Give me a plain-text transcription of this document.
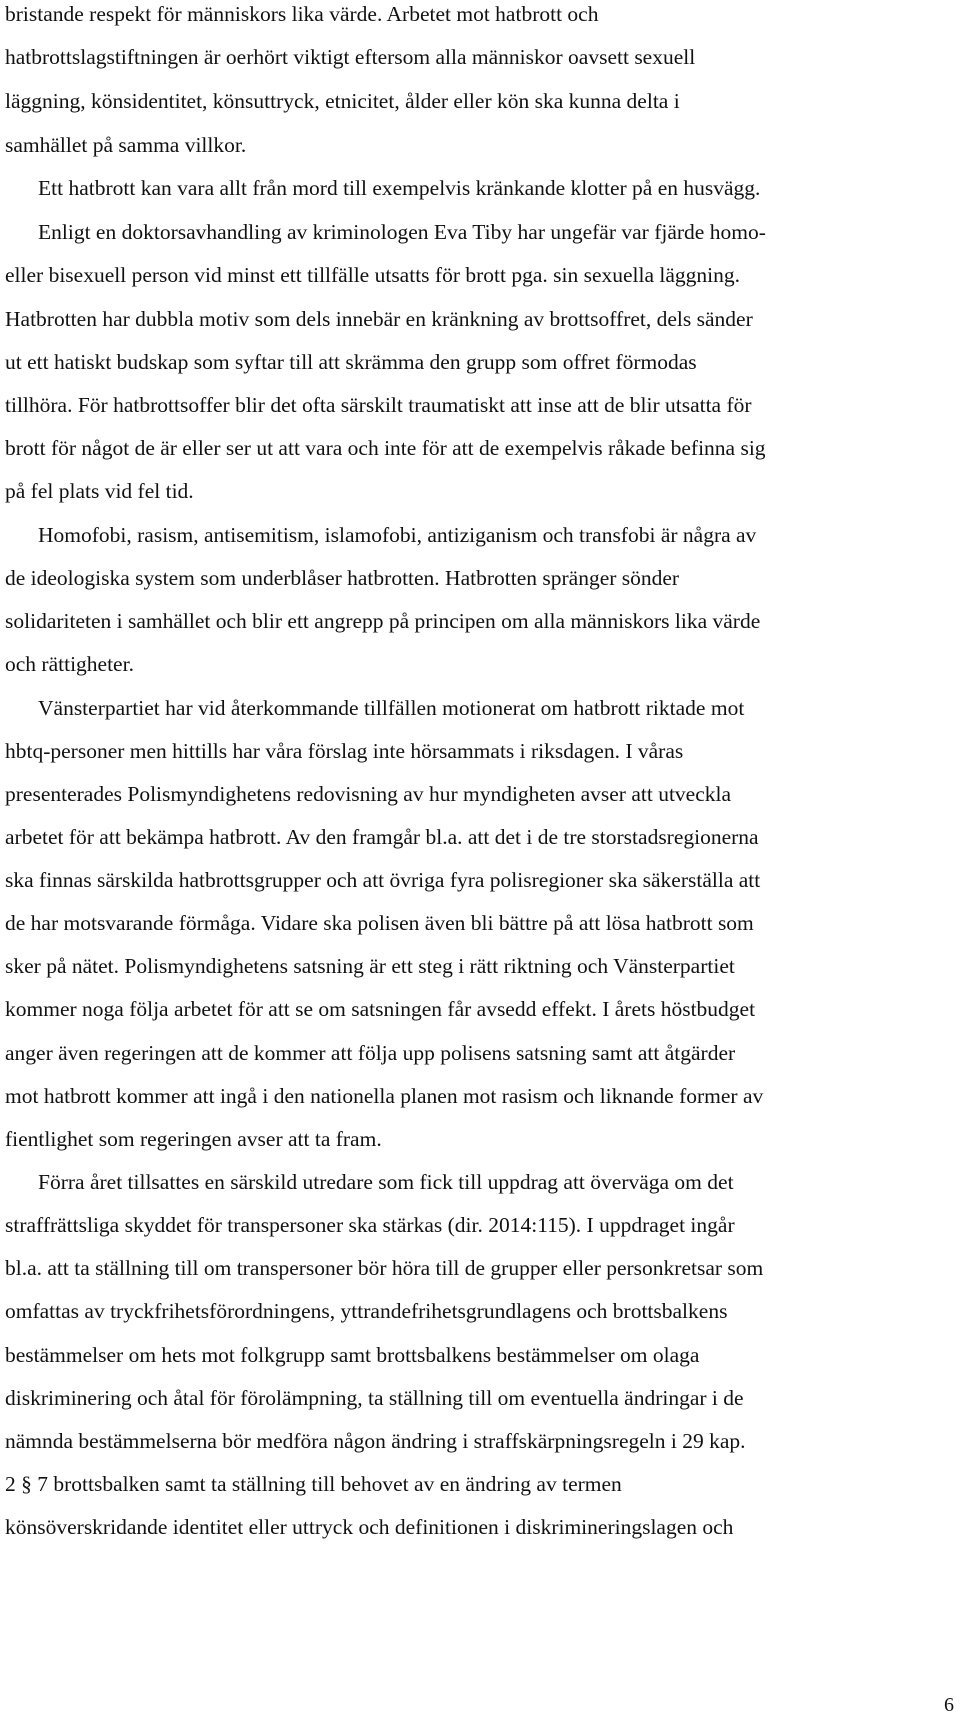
bristande respekt för människors lika värde. Arbetet mot hatbrott och
hatbrottslagstiftningen är oerhört viktigt eftersom alla människor oavsett sexuell
läggning, könsidentitet, könsuttryck, etnicitet, ålder eller kön ska kunna delta i
samhället på samma villkor.
Ett hatbrott kan vara allt från mord till exempelvis kränkande klotter på en husvägg.
Enligt en doktorsavhandling av kriminologen Eva Tiby har ungefär var fjärde homo-
eller bisexuell person vid minst ett tillfälle utsatts för brott pga. sin sexuella läggning.
Hatbrotten har dubbla motiv som dels innebär en kränkning av brottsoffret, dels sänder
ut ett hatiskt budskap som syftar till att skrämma den grupp som offret förmodas
tillhöra. För hatbrottsoffer blir det ofta särskilt traumatiskt att inse att de blir utsatta för
brott för något de är eller ser ut att vara och inte för att de exempelvis råkade befinna sig
på fel plats vid fel tid.
Homofobi, rasism, antisemitism, islamofobi, antiziganism och transfobi är några av
de ideologiska system som underblåser hatbrotten. Hatbrotten spränger sönder
solidariteten i samhället och blir ett angrepp på principen om alla människors lika värde
och rättigheter.
Vänsterpartiet har vid återkommande tillfällen motionerat om hatbrott riktade mot
hbtq-personer men hittills har våra förslag inte hörsammats i riksdagen. I våras
presenterades Polismyndighetens redovisning av hur myndigheten avser att utveckla
arbetet för att bekämpa hatbrott. Av den framgår bl.a. att det i de tre storstadsregionerna
ska finnas särskilda hatbrottsgrupper och att övriga fyra polisregioner ska säkerställa att
de har motsvarande förmåga. Vidare ska polisen även bli bättre på att lösa hatbrott som
sker på nätet. Polismyndighetens satsning är ett steg i rätt riktning och Vänsterpartiet
kommer noga följa arbetet för att se om satsningen får avsedd effekt. I årets höstbudget
anger även regeringen att de kommer att följa upp polisens satsning samt att åtgärder
mot hatbrott kommer att ingå i den nationella planen mot rasism och liknande former av
fientlighet som regeringen avser att ta fram.
Förra året tillsattes en särskild utredare som fick till uppdrag att överväga om det
straffrättsliga skyddet för transpersoner ska stärkas (dir. 2014:115). I uppdraget ingår
bl.a. att ta ställning till om transpersoner bör höra till de grupper eller personkretsar som
omfattas av tryckfrihetsförordningens, yttrandefrihetsgrundlagens och brottsbalkens
bestämmelser om hets mot folkgrupp samt brottsbalkens bestämmelser om olaga
diskriminering och åtal för förolämpning, ta ställning till om eventuella ändringar i de
nämnda bestämmelserna bör medföra någon ändring i straffskärpningsregeln i 29 kap.
2 § 7 brottsbalken samt ta ställning till behovet av en ändring av termen
könsöverskridande identitet eller uttryck och definitionen i diskrimineringslagen och
6
